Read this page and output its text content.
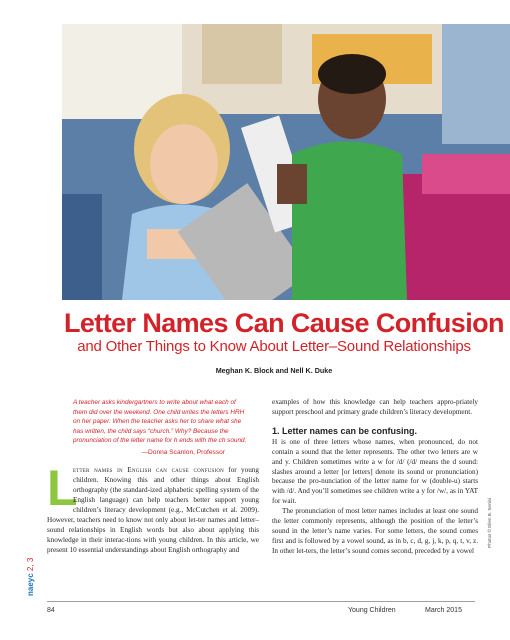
Photos © Ellen B. Senisi
Letter Names Can Cause Confusion
and Other Things to Know About Letter–Sound Relationships
Meghan K. Block and Nell K. Duke
A teacher asks kindergartners to write about what each of them did over the weekend. One child writes the letters HRH on her paper. When the teacher asks her to share what she has written, the child says “church.” Why? Because the pronunciation of the letter name for h ends with the ch sound.
—Donna Scanlon, Professor
L
etter names in English can cause confusion for young children. Knowing this and other things about English orthography (the standard-ized alphabetic spelling system of the English language) can help teachers better support young children’s literacy development (e.g., McCutchen et al. 2009). However, teachers need to know not only about let-ter names and letter–sound relationships in English words but also about applying this knowledge in their interac-tions with young children. In this article, we present 10 essential understandings about English orthography and
examples of how this knowledge can help teachers appro-priately support preschool and primary grade children’s literacy development.
1. Letter names can be confusing.
H is one of three letters whose names, when pronounced, do not contain a sound that the letter represents. The other two letters are w and y. Children sometimes write a w for /d/ (/d/ means the d sound: slashes around a letter [or letters] denote its sound or pronunciation) because the pro-nunciation of the letter name for w (double-u) starts with /d/. And you’ll sometimes see children write a y for /w/, as in YAT for wait.
The pronunciation of most letter names includes at least one sound the letter commonly represents, although the position of the letter’s sound in the letter’s name varies. For some letters, the sound comes first and is followed by a vowel sound, as in b, c, d, g, j, k, p, q, t, v, z. In other let-ters, the letter’s sound comes second, preceded by a vowel
naeyc 2, 3
84	Young Children	March 2015
